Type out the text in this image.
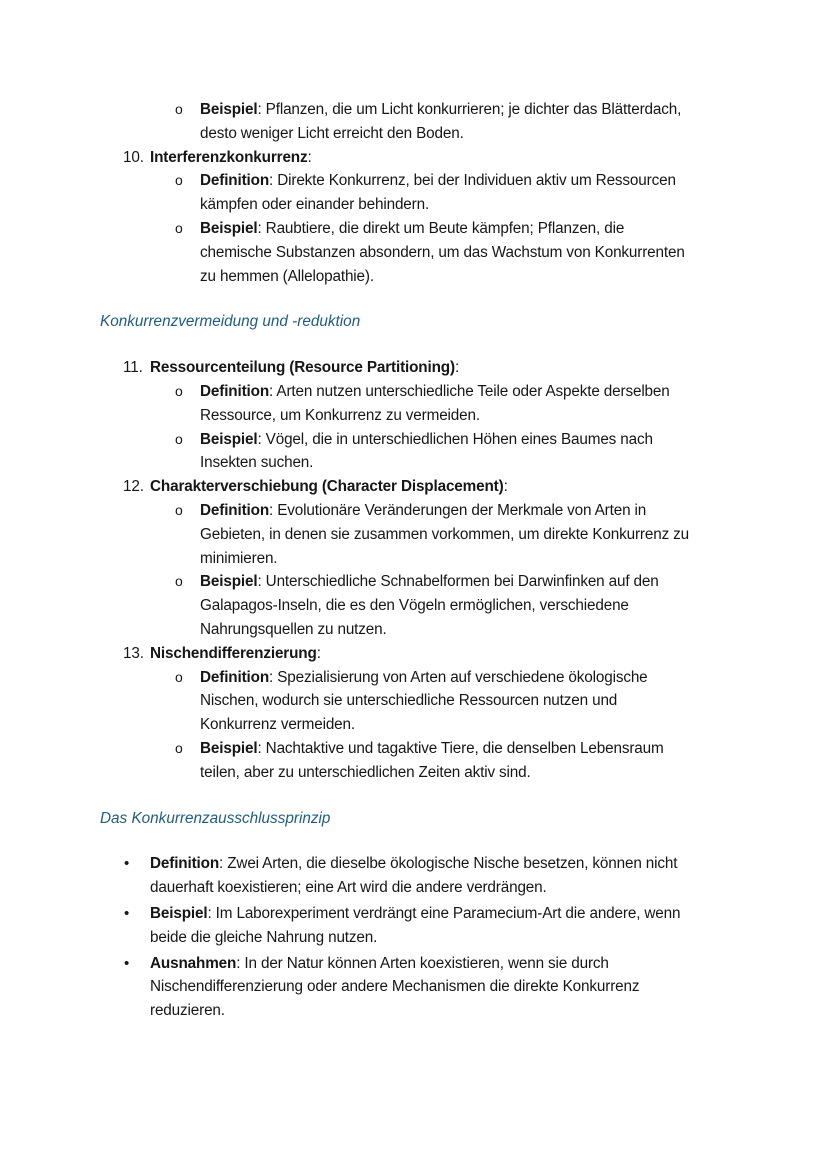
o Beispiel: Pflanzen, die um Licht konkurrieren; je dichter das Blätterdach,
desto weniger Licht erreicht den Boden.
10. Interferenzkonkurrenz:
o Definition: Direkte Konkurrenz, bei der Individuen aktiv um Ressourcen
kämpfen oder einander behindern.
o Beispiel: Raubtiere, die direkt um Beute kämpfen; Pflanzen, die
chemische Substanzen absondern, um das Wachstum von Konkurrenten
zu hemmen (Allelopathie).
Konkurrenzvermeidung und -reduktion
11. Ressourcenteilung (Resource Partitioning):
o Definition: Arten nutzen unterschiedliche Teile oder Aspekte derselben
Ressource, um Konkurrenz zu vermeiden.
o Beispiel: Vögel, die in unterschiedlichen Höhen eines Baumes nach
Insekten suchen.
12. Charakterverschiebung (Character Displacement):
o Definition: Evolutionäre Veränderungen der Merkmale von Arten in
Gebieten, in denen sie zusammen vorkommen, um direkte Konkurrenz zu
minimieren.
o Beispiel: Unterschiedliche Schnabelformen bei Darwinfinken auf den
Galapagos-Inseln, die es den Vögeln ermöglichen, verschiedene
Nahrungsquellen zu nutzen.
13. Nischendifferenzierung:
o Definition: Spezialisierung von Arten auf verschiedene ökologische
Nischen, wodurch sie unterschiedliche Ressourcen nutzen und
Konkurrenz vermeiden.
o Beispiel: Nachtaktive und tagaktive Tiere, die denselben Lebensraum
teilen, aber zu unterschiedlichen Zeiten aktiv sind.
Das Konkurrenzausschlussprinzip
• Definition: Zwei Arten, die dieselbe ökologische Nische besetzen, können nicht
dauerhaft koexistieren; eine Art wird die andere verdrängen.
• Beispiel: Im Laborexperiment verdrängt eine Paramecium-Art die andere, wenn
beide die gleiche Nahrung nutzen.
• Ausnahmen: In der Natur können Arten koexistieren, wenn sie durch
Nischendifferenzierung oder andere Mechanismen die direkte Konkurrenz
reduzieren.
